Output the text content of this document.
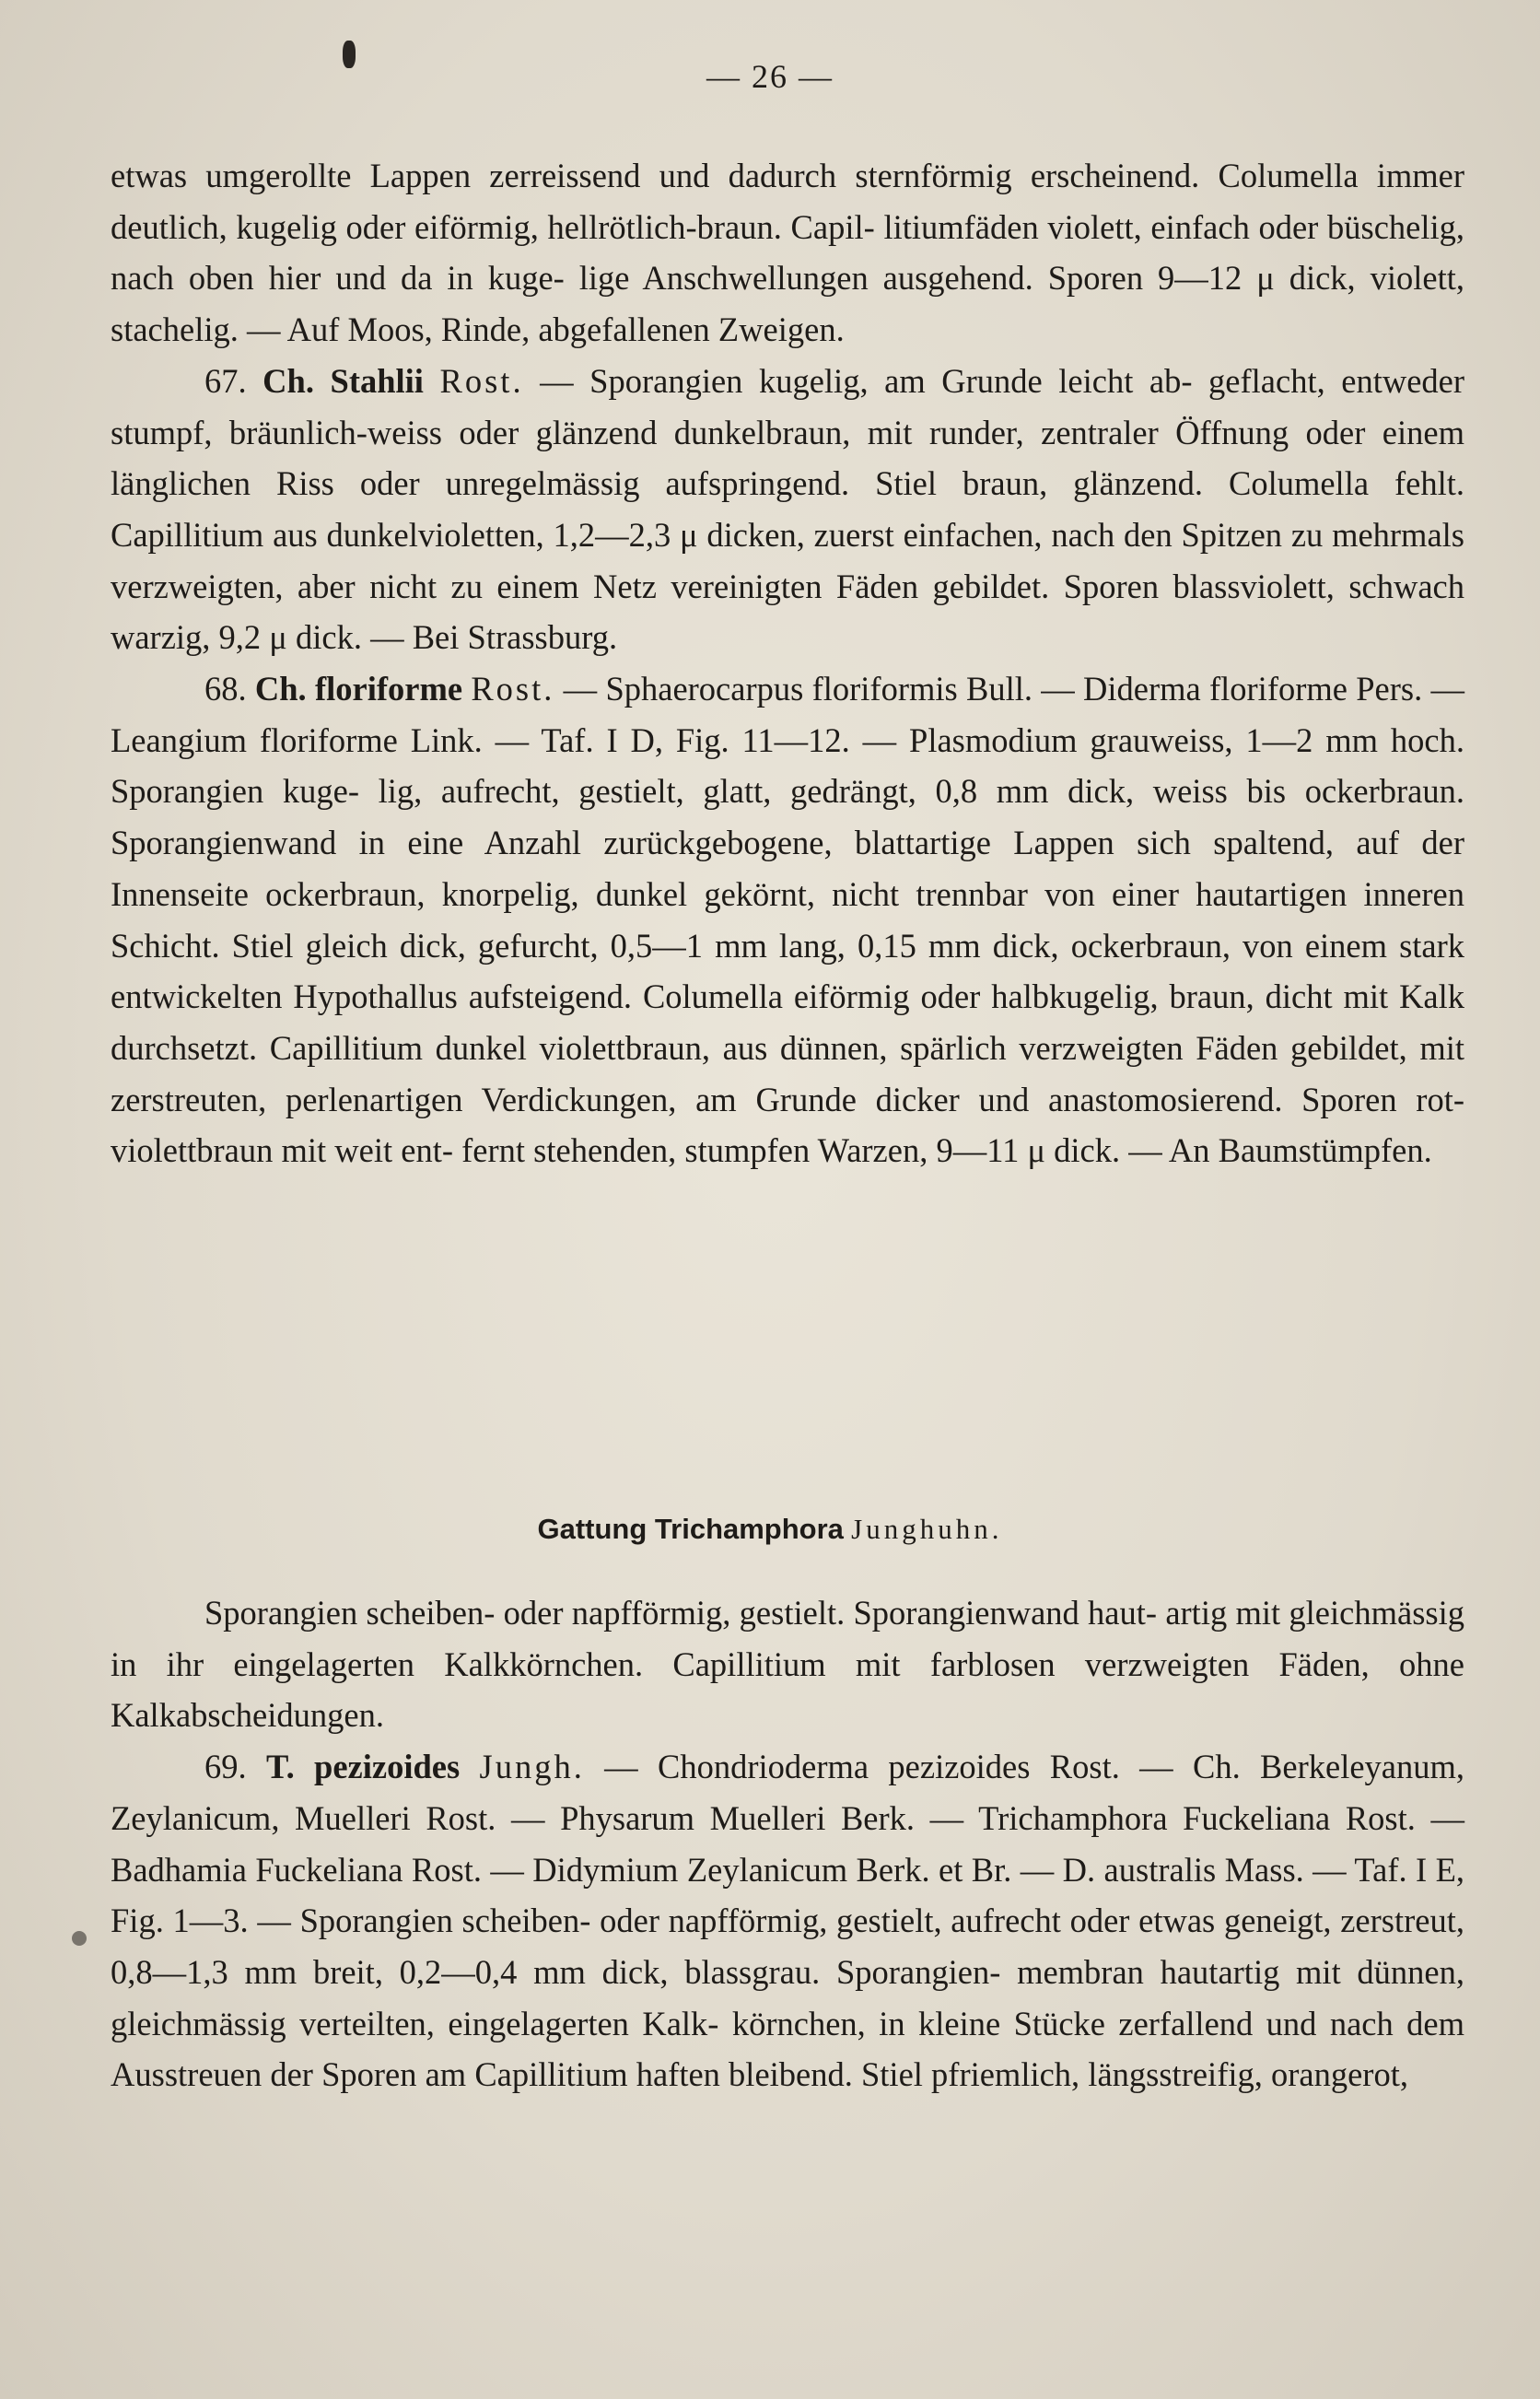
— 26 —

etwas umgerollte Lappen zerreissend und dadurch sternförmig erscheinend. Columella immer deutlich, kugelig oder eiförmig, hellrötlich-braun. Capil- litiumfäden violett, einfach oder büschelig, nach oben hier und da in kuge- lige Anschwellungen ausgehend. Sporen 9—12 μ dick, violett, stachelig. — Auf Moos, Rinde, abgefallenen Zweigen.

67. Ch. Stahlii Rost. — Sporangien kugelig, am Grunde leicht ab- geflacht, entweder stumpf, bräunlich-weiss oder glänzend dunkelbraun, mit runder, zentraler Öffnung oder einem länglichen Riss oder unregelmässig aufspringend. Stiel braun, glänzend. Columella fehlt. Capillitium aus dunkelvioletten, 1,2—2,3 μ dicken, zuerst einfachen, nach den Spitzen zu mehrmals verzweigten, aber nicht zu einem Netz vereinigten Fäden gebildet. Sporen blassviolett, schwach warzig, 9,2 μ dick. — Bei Strassburg.

68. Ch. floriforme Rost. — Sphaerocarpus floriformis Bull. — Diderma floriforme Pers. — Leangium floriforme Link. — Taf. I D, Fig. 11—12. — Plasmodium grauweiss, 1—2 mm hoch. Sporangien kuge- lig, aufrecht, gestielt, glatt, gedrängt, 0,8 mm dick, weiss bis ockerbraun. Sporangienwand in eine Anzahl zurückgebogene, blattartige Lappen sich spaltend, auf der Innenseite ockerbraun, knorpelig, dunkel gekörnt, nicht trennbar von einer hautartigen inneren Schicht. Stiel gleich dick, gefurcht, 0,5—1 mm lang, 0,15 mm dick, ockerbraun, von einem stark entwickelten Hypothallus aufsteigend. Columella eiförmig oder halbkugelig, braun, dicht mit Kalk durchsetzt. Capillitium dunkel violettbraun, aus dünnen, spärlich verzweigten Fäden gebildet, mit zerstreuten, perlenartigen Verdickungen, am Grunde dicker und anastomosierend. Sporen rot-violettbraun mit weit ent- fernt stehenden, stumpfen Warzen, 9—11 μ dick. — An Baumstümpfen.

Gattung Trichamphora Junghuhn.

Sporangien scheiben- oder napfförmig, gestielt. Sporangienwand haut- artig mit gleichmässig in ihr eingelagerten Kalkkörnchen. Capillitium mit farblosen verzweigten Fäden, ohne Kalkabscheidungen.

69. T. pezizoides Jungh. — Chondrioderma pezizoides Rost. — Ch. Berkeleyanum, Zeylanicum, Muelleri Rost. — Physarum Muelleri Berk. — Trichamphora Fuckeliana Rost. — Badhamia Fuckeliana Rost. — Didymium Zeylanicum Berk. et Br. — D. australis Mass. — Taf. I E, Fig. 1—3. — Sporangien scheiben- oder napfförmig, gestielt, aufrecht oder etwas geneigt, zerstreut, 0,8—1,3 mm breit, 0,2—0,4 mm dick, blassgrau. Sporangien- membran hautartig mit dünnen, gleichmässig verteilten, eingelagerten Kalk- körnchen, in kleine Stücke zerfallend und nach dem Ausstreuen der Sporen am Capillitium haften bleibend. Stiel pfriemlich, längsstreifig, orangerot,
